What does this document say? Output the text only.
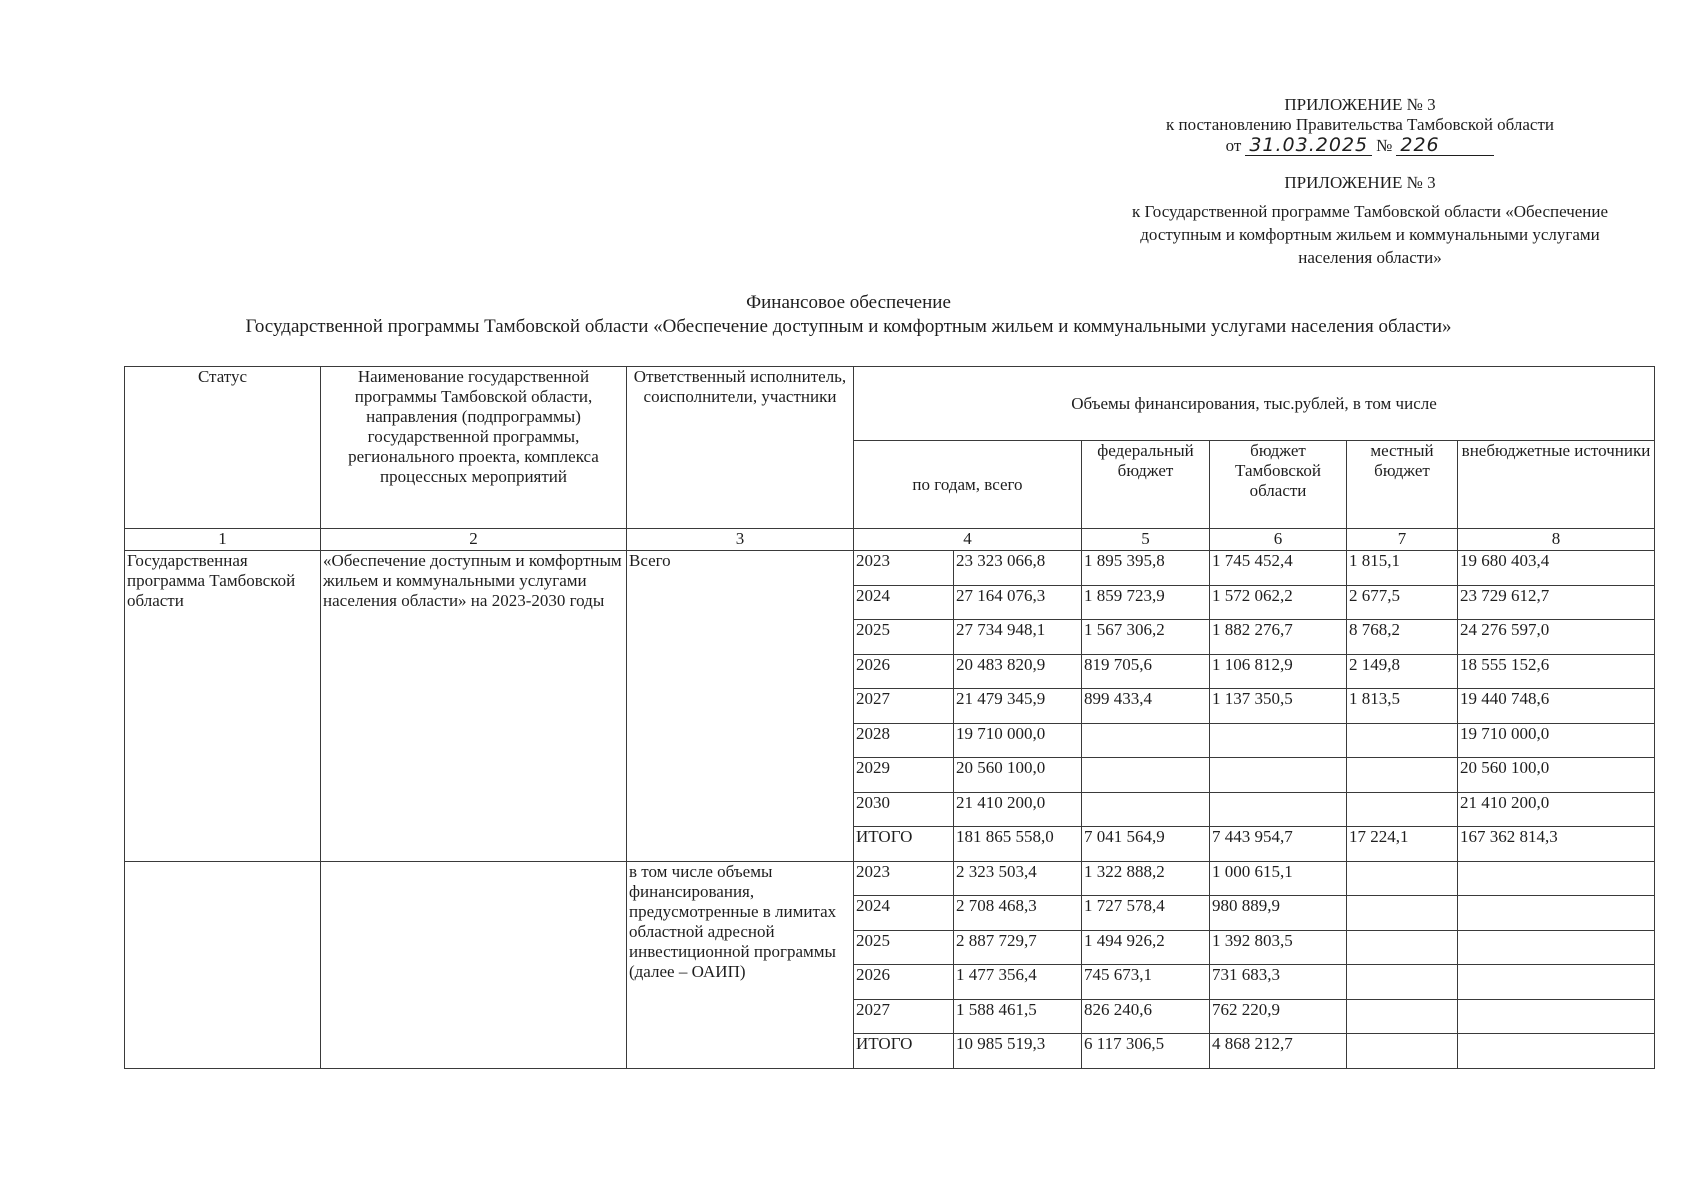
ПРИЛОЖЕНИЕ № 3
к постановлению Правительства Тамбовской области
от 31.03.2025 № 226
ПРИЛОЖЕНИЕ № 3
к Государственной программе Тамбовской области «Обеспечение
доступным и комфортным жильем и коммунальными услугами
населения области»
Финансовое обеспечение
Государственной программы Тамбовской области «Обеспечение доступным и комфортным жильем и коммунальными услугами населения области»
Статус	Наименование государственной программы Тамбовской области, направления (подпрограммы) государственной программы, регионального проекта, комплекса процессных мероприятий	Ответственный исполнитель, соисполнители, участники	Объемы финансирования, тыс.рублей, в том числе					
			по годам, всего		федеральный бюджет	бюджет Тамбовской области	местный бюджет	внебюджетные источники
1	2	3	4		5	6	7	8
Государственная программа Тамбовской области	«Обеспечение доступным и комфортным жильем и коммунальными услугами населения области» на 2023-2030 годы	Всего	2023	23 323 066,8	1 895 395,8	1 745 452,4	1 815,1	19 680 403,4
			2024	27 164 076,3	1 859 723,9	1 572 062,2	2 677,5	23 729 612,7
			2025	27 734 948,1	1 567 306,2	1 882 276,7	8 768,2	24 276 597,0
			2026	20 483 820,9	819 705,6	1 106 812,9	2 149,8	18 555 152,6
			2027	21 479 345,9	899 433,4	1 137 350,5	1 813,5	19 440 748,6
			2028	19 710 000,0				19 710 000,0
			2029	20 560 100,0				20 560 100,0
			2030	21 410 200,0				21 410 200,0
			ИТОГО	181 865 558,0	7 041 564,9	7 443 954,7	17 224,1	167 362 814,3
		в том числе объемы финансирования, предусмотренные в лимитах областной адресной инвестиционной программы (далее – ОАИП)	2023	2 323 503,4	1 322 888,2	1 000 615,1		
			2024	2 708 468,3	1 727 578,4	980 889,9		
			2025	2 887 729,7	1 494 926,2	1 392 803,5		
			2026	1 477 356,4	745 673,1	731 683,3		
			2027	1 588 461,5	826 240,6	762 220,9		
			ИТОГО	10 985 519,3	6 117 306,5	4 868 212,7		
